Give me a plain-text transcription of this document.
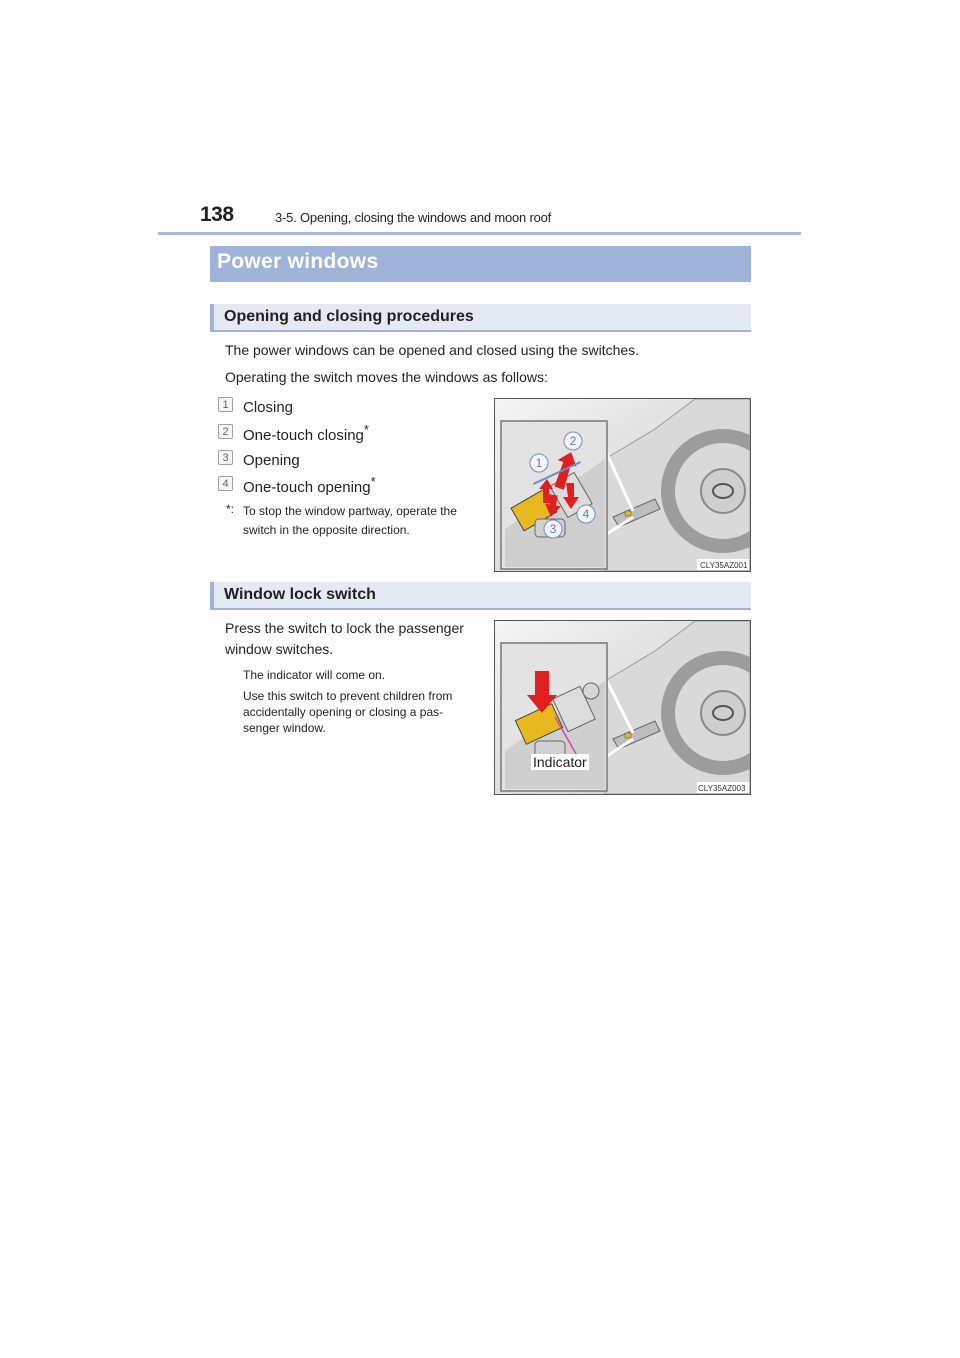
138	3-5. Opening, closing the windows and moon roof
Power windows
Opening and closing procedures
The power windows can be opened and closed using the switches.
Operating the switch moves the windows as follows:
1 Closing
2 One-touch closing*
3 Opening
4 One-touch opening*
*: To stop the window partway, operate the
switch in the opposite direction.
1
2
3
4
CLY35AZ001
Window lock switch
Press the switch to lock the passenger
window switches.
The indicator will come on.
Use this switch to prevent children from
accidentally opening or closing a pas-
senger window.
Indicator
CLY35AZ003
